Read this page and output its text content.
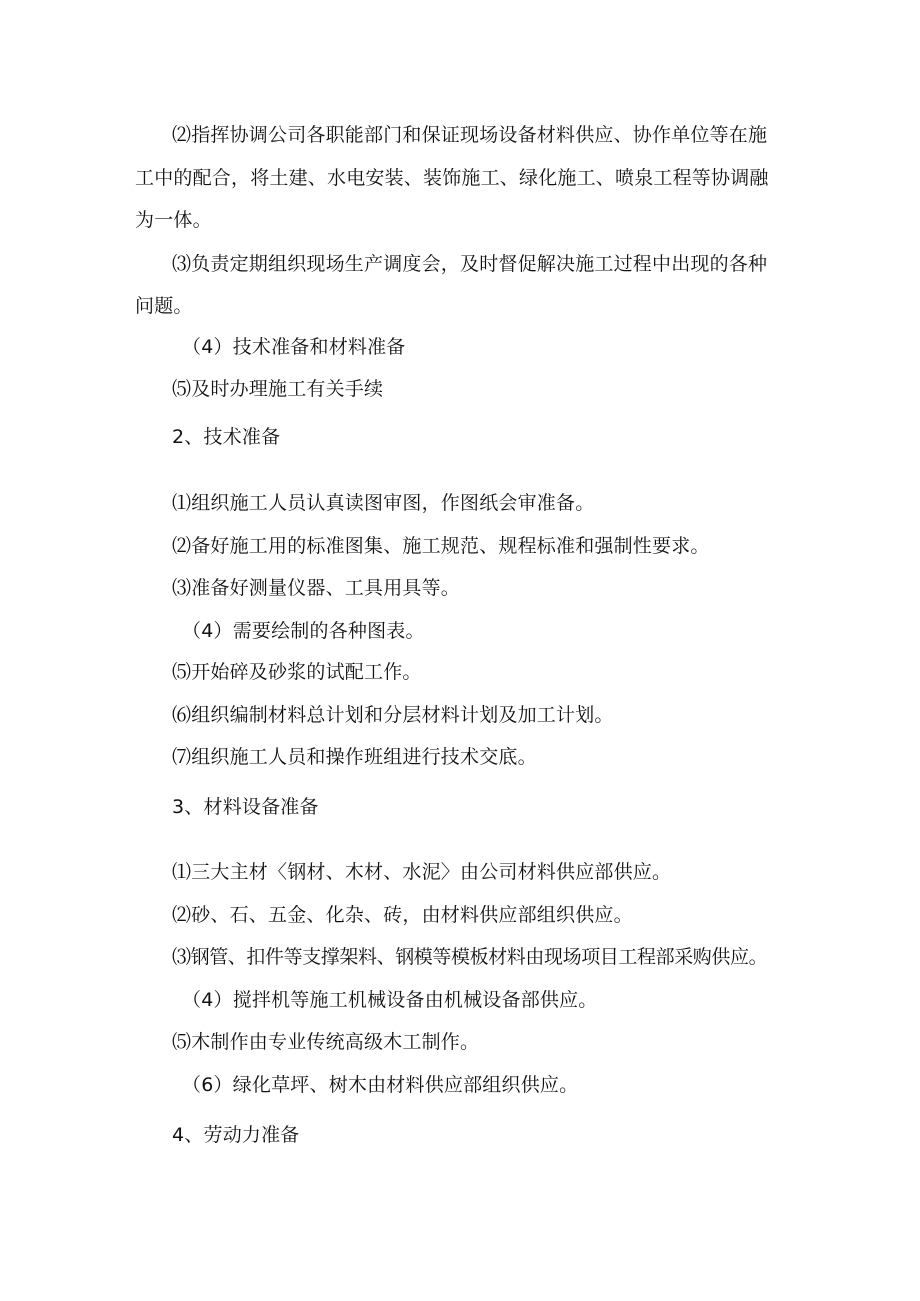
⑵指挥协调公司各职能部门和保证现场设备材料供应、协作单位等在施
工中的配合，将土建、水电安装、装饰施工、绿化施工、喷泉工程等协调融
为一体。
⑶负责定期组织现场生产调度会，及时督促解决施工过程中出现的各种
问题。
（4）技术准备和材料准备
⑸及时办理施工有关手续
2、技术准备
⑴组织施工人员认真读图审图，作图纸会审准备。
⑵备好施工用的标准图集、施工规范、规程标准和强制性要求。
⑶准备好测量仪器、工具用具等。
（4）需要绘制的各种图表。
⑸开始碎及砂浆的试配工作。
⑹组织编制材料总计划和分层材料计划及加工计划。
⑺组织施工人员和操作班组进行技术交底。
3、材料设备准备
⑴三大主材〈钢材、木材、水泥〉由公司材料供应部供应。
⑵砂、石、五金、化杂、砖，由材料供应部组织供应。
⑶钢管、扣件等支撑架料、钢模等模板材料由现场项目工程部采购供应。
（4）搅拌机等施工机械设备由机械设备部供应。
⑸木制作由专业传统高级木工制作。
（6）绿化草坪、树木由材料供应部组织供应。
4、劳动力准备
